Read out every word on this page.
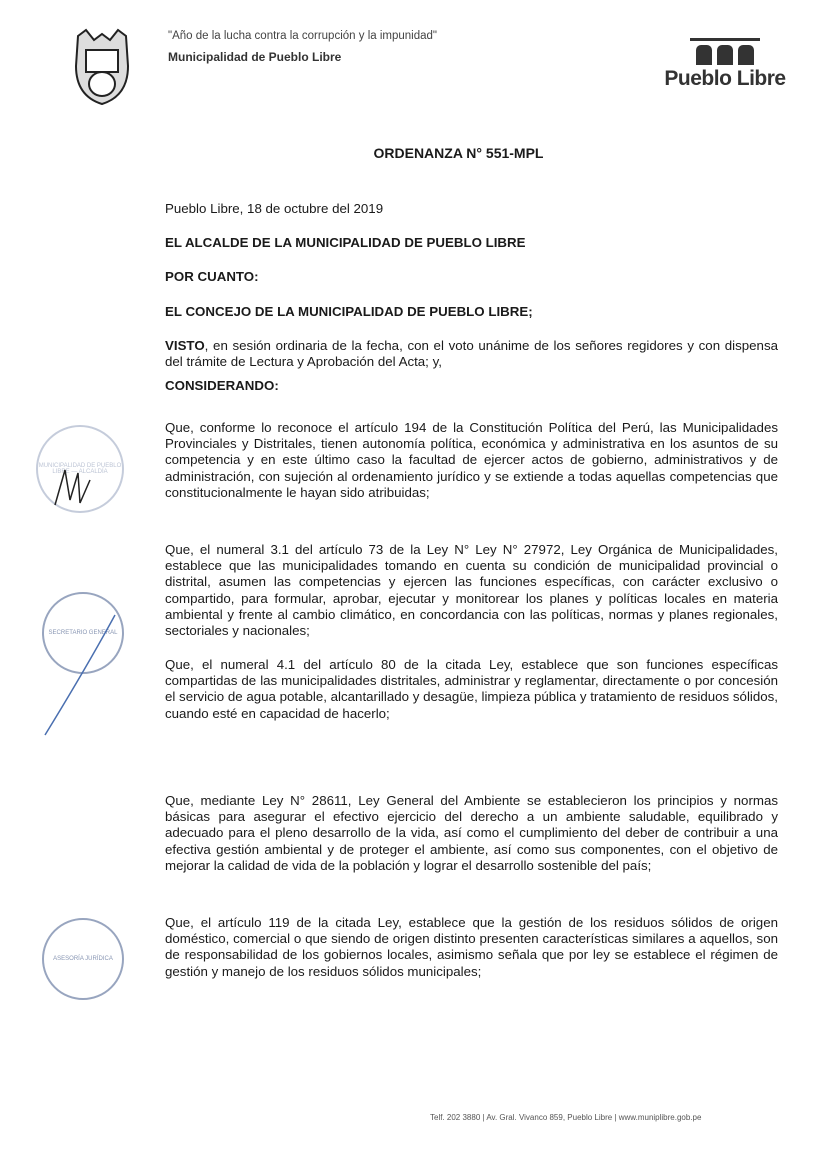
"Año de la lucha contra la corrupción y la impunidad"
Municipalidad de Pueblo Libre
Pueblo Libre
ORDENANZA N° 551-MPL
Pueblo Libre, 18 de octubre del 2019
EL ALCALDE DE LA MUNICIPALIDAD DE PUEBLO LIBRE
POR CUANTO:
EL CONCEJO DE LA MUNICIPALIDAD DE PUEBLO LIBRE;
VISTO, en sesión ordinaria de la fecha, con el voto unánime de los señores regidores y con dispensa del trámite de Lectura y Aprobación del Acta; y,
CONSIDERANDO:
Que, conforme lo reconoce el artículo 194 de la Constitución Política del Perú, las Municipalidades Provinciales y Distritales, tienen autonomía política, económica y administrativa en los asuntos de su competencia y en este último caso la facultad de ejercer actos de gobierno, administrativos y de administración, con sujeción al ordenamiento jurídico y se extiende a todas aquellas competencias que constitucionalmente le hayan sido atribuidas;
Que, el numeral 3.1 del artículo 73 de la Ley N° Ley N° 27972, Ley Orgánica de Municipalidades, establece que las municipalidades tomando en cuenta su condición de municipalidad provincial o distrital, asumen las competencias y ejercen las funciones específicas, con carácter exclusivo o compartido, para formular, aprobar, ejecutar y monitorear los planes y políticas locales en materia ambiental y frente al cambio climático, en concordancia con las políticas, normas y planes regionales, sectoriales y nacionales;
Que, el numeral 4.1 del artículo 80 de la citada Ley, establece que son funciones específicas compartidas de las municipalidades distritales, administrar y reglamentar, directamente o por concesión el servicio de agua potable, alcantarillado y desagüe, limpieza pública y tratamiento de residuos sólidos, cuando esté en capacidad de hacerlo;
Que, mediante Ley N° 28611, Ley General del Ambiente se establecieron los principios y normas básicas para asegurar el efectivo ejercicio del derecho a un ambiente saludable, equilibrado y adecuado para el pleno desarrollo de la vida, así como el cumplimiento del deber de contribuir a una efectiva gestión ambiental y de proteger el ambiente, así como sus componentes, con el objetivo de mejorar la calidad de vida de la población y lograr el desarrollo sostenible del país;
Que, el artículo 119 de la citada Ley, establece que la gestión de los residuos sólidos de origen doméstico, comercial o que siendo de origen distinto presenten características similares a aquellos, son de responsabilidad de los gobiernos locales, asimismo señala que por ley se establece el régimen de gestión y manejo de los residuos sólidos municipales;
MUNICIPALIDAD DE PUEBLO LIBRE — ALCALDÍA
SECRETARIO GENERAL
ASESORÍA JURÍDICA
Telf. 202 3880 | Av. Gral. Vivanco 859, Pueblo Libre | www.muniplibre.gob.pe
